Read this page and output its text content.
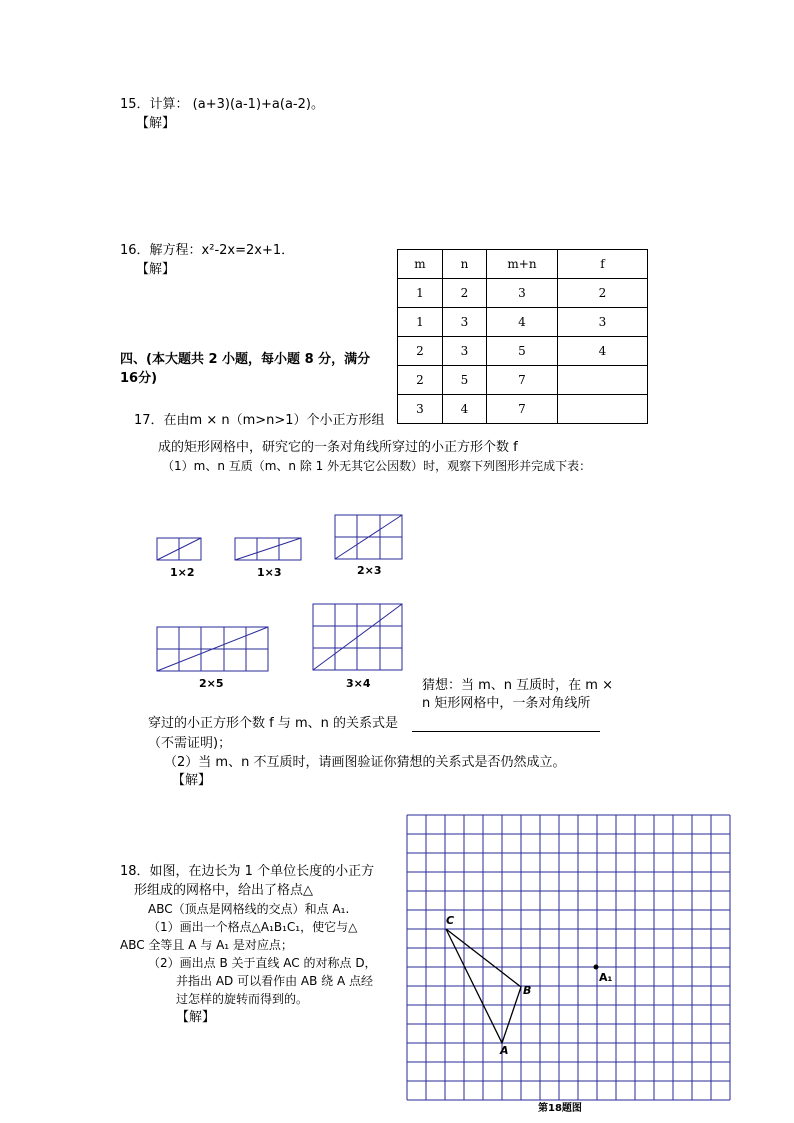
15．计算： (a+3)(a-1)+a(a-2)。
【解】
16．解方程：x²-2x=2x+1．
【解】
四、(本大题共 2 小题，每小题 8 分，满分
16分)
m	n	m+n	f
1	2	3	2
1	3	4	3
2	3	5	4
2	5	7	
3	4	7	
17．在由m × n（m>n>1）个小正方形组
成的矩形网格中，研究它的一条对角线所穿过的小正方形个数 f
（1）m、n 互质（m、n 除 1 外无其它公因数）时，观察下列图形并完成下表：
1×2	1×3	2×3
2×5	3×4	猜想：当 m、n 互质时，在 m ×
n 矩形网格中，一条对角线所
穿过的小正方形个数 f 与 m、n 的关系式是
（不需证明)；
（2）当 m、n 不互质时，请画图验证你猜想的关系式是否仍然成立。
【解】
18．如图，在边长为 1 个单位长度的小正方
形组成的网格中，给出了格点△
ABC（顶点是网格线的交点）和点 A₁.
（1）画出一个格点△A₁B₁C₁，使它与△
ABC 全等且 A 与 A₁ 是对应点；
（2）画出点 B 关于直线 AC 的对称点 D，
并指出 AD 可以看作由 AB 绕 A 点经
过怎样的旋转而得到的。
【解】
C
B
A
A₁
第18题图
